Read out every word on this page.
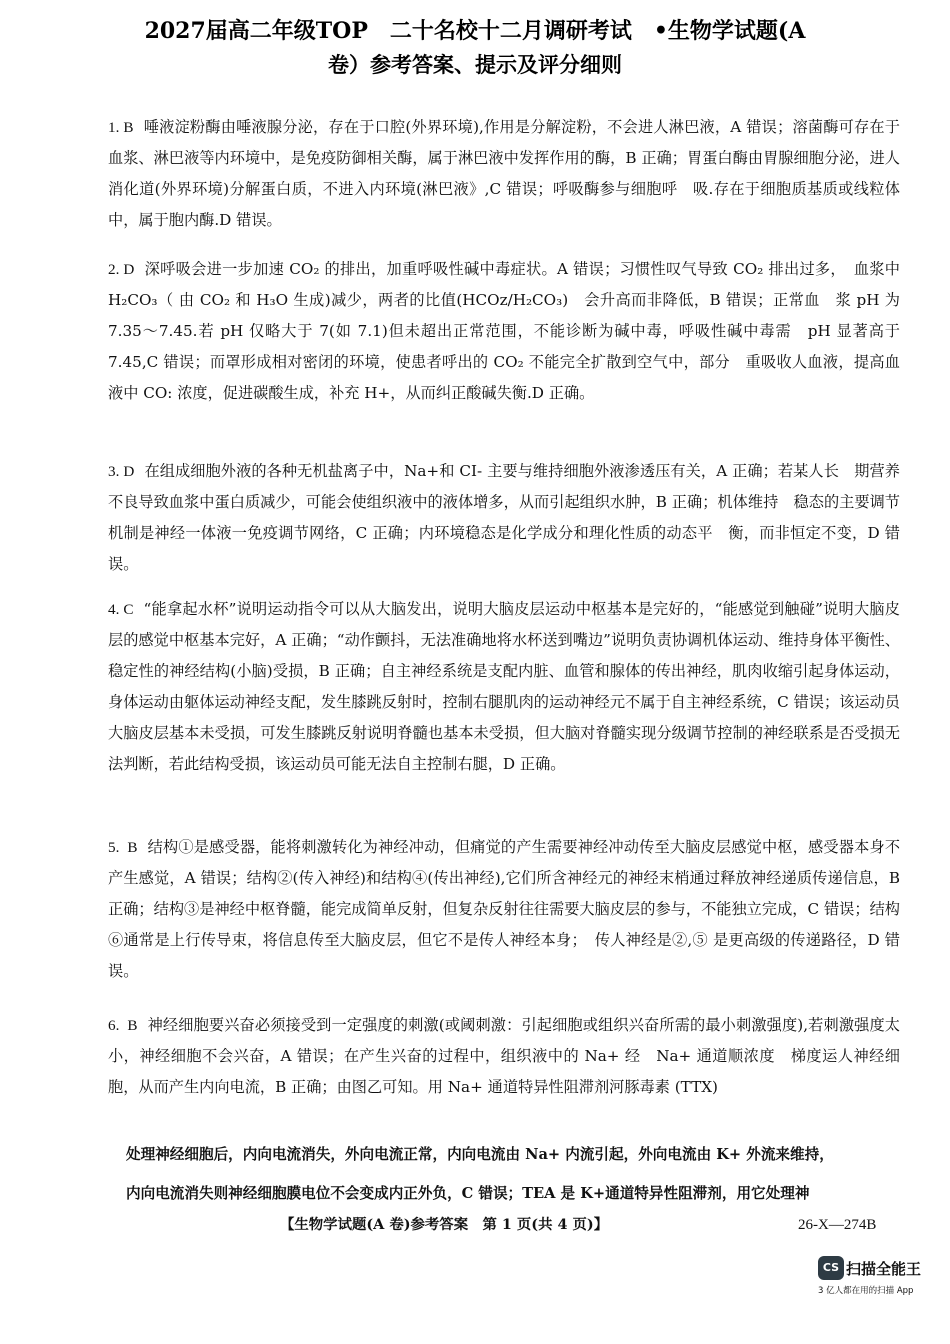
2027届高二年级TOP　二十名校十二月调研考试　•生物学试题(A
卷）参考答案、提示及评分细则
1. B 唾液淀粉酶由唾液腺分泌，存在于口腔(外界环境),作用是分解淀粉，不会进人淋巴液，A 错误；溶菌酶可存在于血浆、淋巴液等内环境中，是免疫防御相关酶，属于淋巴液中发挥作用的酶，B 正确；胃蛋白酶由胃腺细胞分泌，进人消化道(外界环境)分解蛋白质，不进入内环境(淋巴液》,C 错误；呼吸酶参与细胞呼　吸.存在于细胞质基质或线粒体中，属于胞内酶.D 错误。
2. D 深呼吸会进一步加速 CO₂ 的排出，加重呼吸性碱中毒症状。A 错误；习惯性叹气导致 CO₂ 排出过多，　血浆中 H₂CO₃（ 由 CO₂ 和 H₃O 生成)减少，两者的比值(HCOz/H₂CO₃)　会升高而非降低，B 错误；正常血　浆 pH 为 7.35～7.45.若 pH 仅略大于 7(如 7.1)但未超出正常范围，不能诊断为碱中毒，呼吸性碱中毒需　pH 显著高于 7.45,C 错误；而罩形成相对密闭的环境，使患者呼出的 CO₂ 不能完全扩散到空气中，部分　重吸收人血液，提高血液中 CO: 浓度，促进碳酸生成，补充 H+，从而纠正酸碱失衡.D 正确。
3. D 在组成细胞外液的各种无机盐离子中，Na+和 CI- 主要与维持细胞外液渗透压有关，A 正确；若某人长　期营养不良导致血浆中蛋白质减少，可能会使组织液中的液体增多，从而引起组织水肿，B 正确；机体维持　稳态的主要调节机制是神经一体液一免疫调节网络，C 正确；内环境稳态是化学成分和理化性质的动态平　衡，而非恒定不变，D 错误。
4. C “能拿起水杯”说明运动指令可以从大脑发出，说明大脑皮层运动中枢基本是完好的，“能感觉到触碰”说明大脑皮层的感觉中枢基本完好，A 正确；“动作颤抖，无法准确地将水杯送到嘴边”说明负责协调机体运动、维持身体平衡性、稳定性的神经结构(小脑)受损，B 正确；自主神经系统是支配内脏、血管和腺体的传出神经，肌肉收缩引起身体运动，身体运动由躯体运动神经支配，发生膝跳反射时，控制右腿肌肉的运动神经元不属于自主神经系统，C 错误；该运动员大脑皮层基本未受损，可发生膝跳反射说明脊髓也基本未受损，但大脑对脊髓实现分级调节控制的神经联系是否受损无法判断，若此结构受损，该运动员可能无法自主控制右腿，D 正确。
5. B 结构①是感受器，能将刺激转化为神经冲动，但痛觉的产生需要神经冲动传至大脑皮层感觉中枢，感受器本身不产生感觉，A 错误；结构②(传入神经)和结构④(传出神经),它们所含神经元的神经末梢通过释放神经递质传递信息，B 正确；结构③是神经中枢脊髓，能完成简单反射，但复杂反射往往需要大脑皮层的参与，不能独立完成，C 错误；结构⑥通常是上行传导束，将信息传至大脑皮层，但它不是传人神经本身；　传人神经是②,⑤ 是更高级的传递路径，D 错误。
6. B 神经细胞要兴奋必须接受到一定强度的刺激(或阈刺激：引起细胞或组织兴奋所需的最小刺激强度),若刺激强度太小，神经细胞不会兴奋，A 错误；在产生兴奋的过程中，组织液中的 Na+ 经　Na+ 通道顺浓度　梯度运人神经细胞，从而产生内向电流，B 正确；由图乙可知。用 Na+ 通道特异性阻滞剂河豚毒素 (TTX)
处理神经细胞后，内向电流消失，外向电流正常，内向电流由 Na+ 内流引起，外向电流由 K+ 外流来维持，
内向电流消失则神经细胞膜电位不会变成内正外负，C 错误；TEA 是 K+通道特异性阻滞剂，用它处理神
【生物学试题(A 卷)参考答案　第 1 页(共 4 页)】	26-X—274B
CS 扫描全能王
3 亿人都在用的扫描 App
